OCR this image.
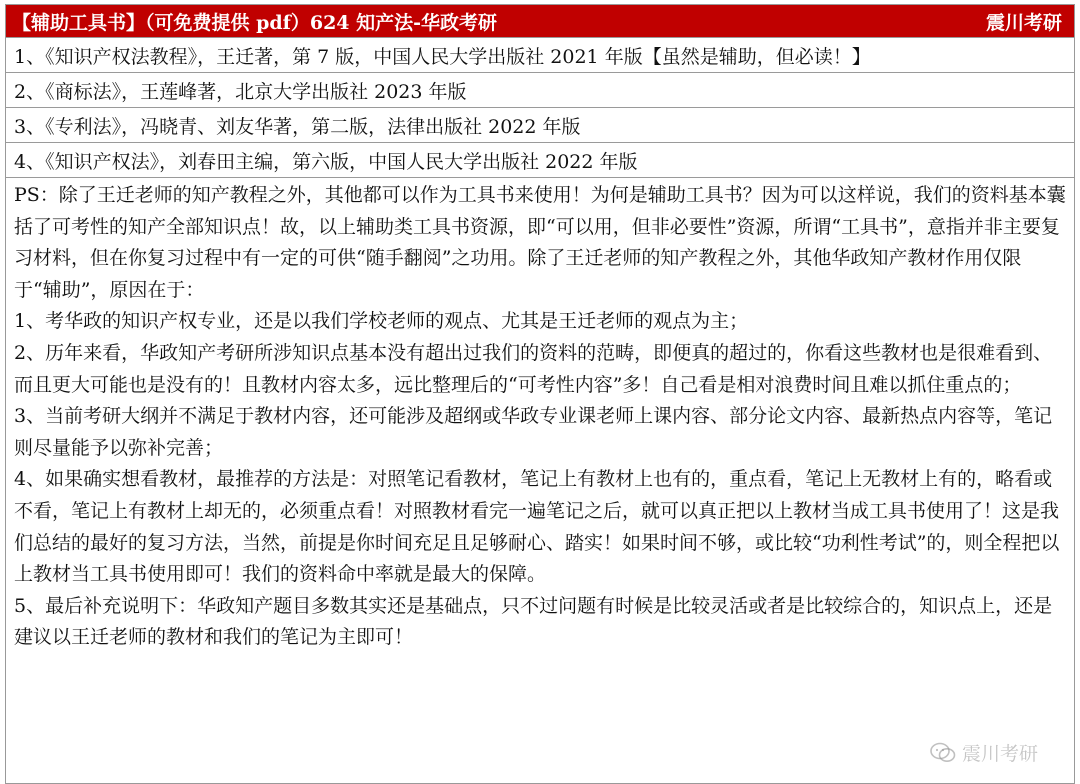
【辅助工具书】（可免费提供 pdf）624 知产法-华政考研	震川考研
1、《知识产权法教程》，王迁著，第 7 版，中国人民大学出版社 2021 年版【虽然是辅助，但必读！】
2、《商标法》，王莲峰著，北京大学出版社 2023 年版
3、《专利法》，冯晓青、刘友华著，第二版，法律出版社 2022 年版
4、《知识产权法》，刘春田主编，第六版，中国人民大学出版社 2022 年版

PS：除了王迁老师的知产教程之外，其他都可以作为工具书来使用！为何是辅助工具书？因为可以这样说，我们的资料基本囊括了可考性的知产全部知识点！故，以上辅助类工具书资源，即“可以用，但非必要性”资源，所谓“工具书”，意指并非主要复习材料，但在你复习过程中有一定的可供“随手翻阅”之功用。除了王迁老师的知产教程之外，其他华政知产教材作用仅限于“辅助”，原因在于：

1、考华政的知识产权专业，还是以我们学校老师的观点、尤其是王迁老师的观点为主；

2、历年来看，华政知产考研所涉知识点基本没有超出过我们的资料的范畴，即便真的超过的，你看这些教材也是很难看到、而且更大可能也是没有的！且教材内容太多，远比整理后的“可考性内容”多！自己看是相对浪费时间且难以抓住重点的；

3、当前考研大纲并不满足于教材内容，还可能涉及超纲或华政专业课老师上课内容、部分论文内容、最新热点内容等，笔记则尽量能予以弥补完善；

4、如果确实想看教材，最推荐的方法是：对照笔记看教材，笔记上有教材上也有的，重点看，笔记上无教材上有的，略看或不看，笔记上有教材上却无的，必须重点看！对照教材看完一遍笔记之后，就可以真正把以上教材当成工具书使用了！这是我们总结的最好的复习方法，当然，前提是你时间充足且足够耐心、踏实！如果时间不够，或比较“功利性考试”的，则全程把以上教材当工具书使用即可！我们的资料命中率就是最大的保障。

5、最后补充说明下：华政知产题目多数其实还是基础点，只不过问题有时候是比较灵活或者是比较综合的，知识点上，还是建议以王迁老师的教材和我们的笔记为主即可！

震川考研
